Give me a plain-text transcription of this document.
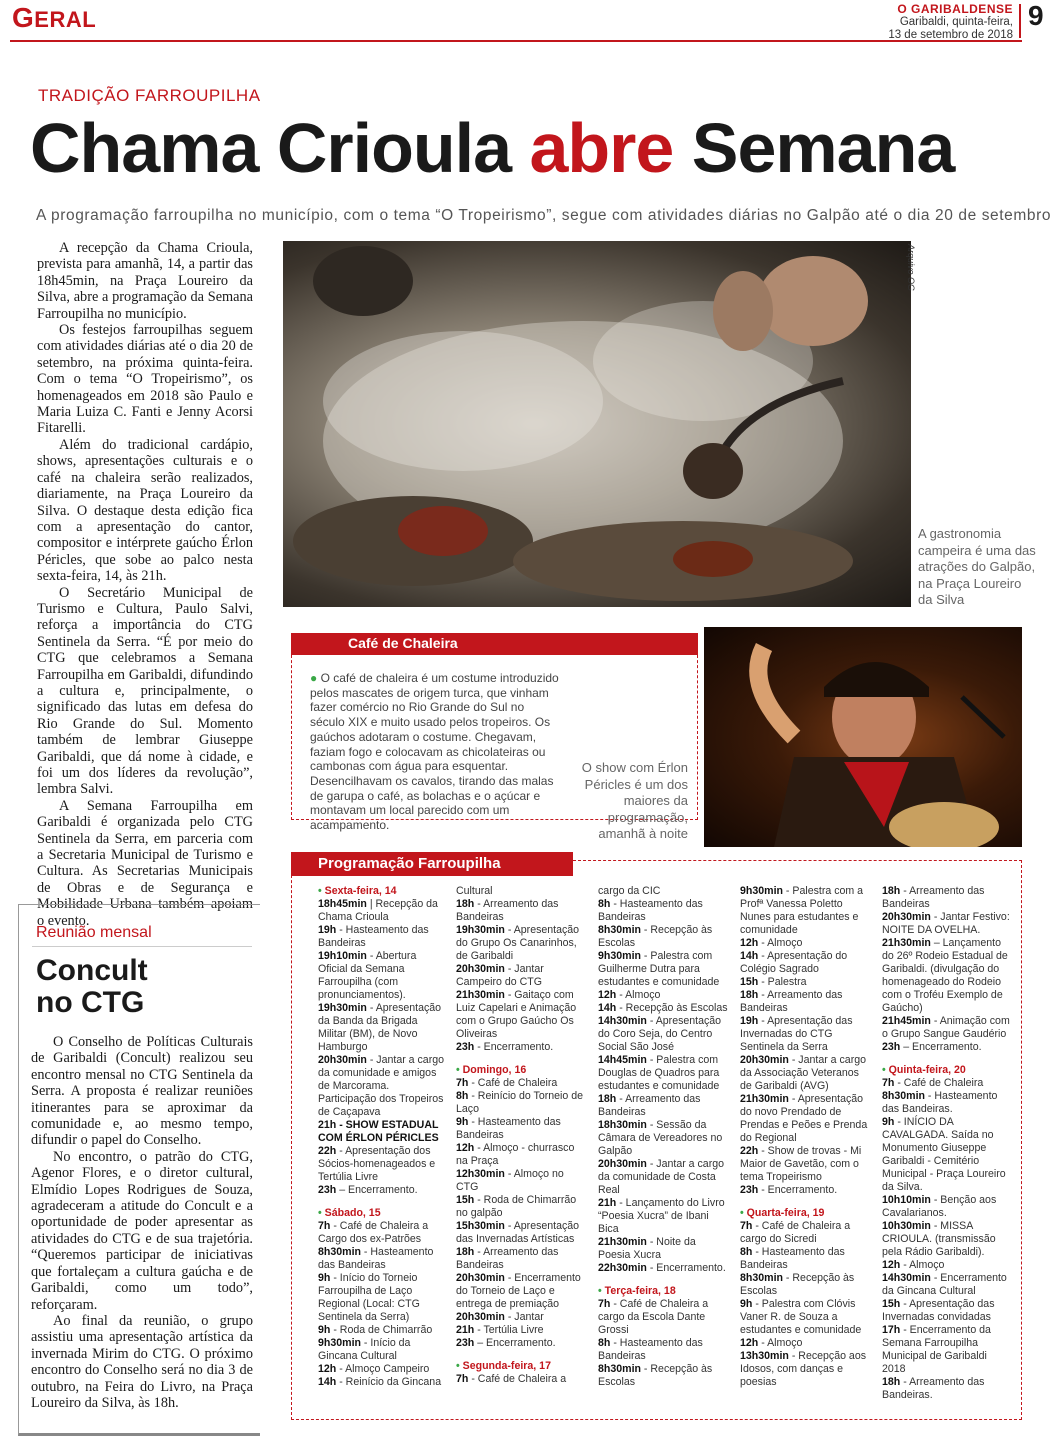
GERAL	O GARIBALDENSE
Garibaldi, quinta-feira,
13 de setembro de 2018
9
TRADIÇÃO FARROUPILHA
Chama Crioula abre Semana
A programação farroupilha no município, com o tema “O Tropeirismo”, segue com atividades diárias no Galpão até o dia 20 de setembro

A recepção da Chama Crioula, prevista para amanhã, 14, a partir das 18h45min, na Praça Loureiro da Silva, abre a programação da Semana Farroupilha no município.

Os festejos farroupilhas seguem com atividades diárias até o dia 20 de setembro, na próxima quinta-feira. Com o tema “O Tropeirismo”, os homenageados em 2018 são Paulo e Maria Luiza C. Fanti e Jenny Acorsi Fitarelli.

Além do tradicional cardápio, shows, apresentações culturais e o café na chaleira serão realizados, diariamente, na Praça Loureiro da Silva. O destaque desta edição fica com a apresentação do cantor, compositor e intérprete gaúcho Érlon Péricles, que sobe ao palco nesta sexta-feira, 14, às 21h.

O Secretário Municipal de Turismo e Cultura, Paulo Salvi, reforça a importância do CTG Sentinela da Serra. “É por meio do CTG que celebramos a Semana Farroupilha em Garibaldi, difundindo a cultura e, principalmente, o significado das lutas em defesa do Rio Grande do Sul. Momento também de lembrar Giuseppe Garibaldi, que dá nome à cidade, e foi um dos líderes da revolução”, lembra Salvi.

A Semana Farroupilha em Garibaldi é organizada pelo CTG Sentinela da Serra, em parceria com a Secretaria Municipal de Turismo e Cultura. As Secretarias Municipais de Obras e de Segurança e Mobilidade Urbana também apoiam o evento.

Arquivo OG
A gastronomia campeira é uma das atrações do Galpão, na Praça Loureiro da Silva
Café de Chaleira
● O café de chaleira é um costume introduzido pelos mascates de origem turca, que vinham fazer comércio no Rio Grande do Sul no século XIX e muito usado pelos tropeiros. Os gaúchos adotaram o costume. Chegavam, faziam fogo e colocavam as chicolateiras ou cambonas com água para esquentar. Desencilhavam os cavalos, tirando das malas de garupa o café, as bolachas e o açúcar e montavam um local parecido com um acampamento.
O show com Érlon Péricles é um dos maiores da programação, amanhã à noite
Programação Farroupilha
• Sexta-feira, 14
18h45min | Recepção da Chama Crioula
19h - Hasteamento das Bandeiras
19h10min - Abertura Oficial da Semana Farroupilha (com pronunciamentos).
19h30min - Apresentação da Banda da Brigada Militar (BM), de Novo Hamburgo
20h30min - Jantar a cargo da comunidade e amigos de Marcorama. Participação dos Tropeiros de Caçapava
21h - SHOW ESTADUAL COM ÉRLON PÉRICLES
22h - Apresentação dos Sócios-homenageados e Tertúlia Livre
23h – Encerramento.
• Sábado, 15
7h - Café de Chaleira a Cargo dos ex-Patrões
8h30min - Hasteamento das Bandeiras
9h - Início do Torneio Farroupilha de Laço Regional (Local: CTG Sentinela da Serra)
9h - Roda de Chimarrão
9h30min - Início da Gincana Cultural
12h - Almoço Campeiro
14h - Reinício da Gincana
Cultural
18h - Arreamento das Bandeiras
19h30min - Apresentação do Grupo Os Canarinhos, de Garibaldi
20h30min - Jantar Campeiro do CTG
21h30min - Gaitaço com Luiz Capelari e Animação com o Grupo Gaúcho Os Oliveiras
23h - Encerramento.
• Domingo, 16
7h - Café de Chaleira
8h - Reinício do Torneio de Laço
9h - Hasteamento das Bandeiras
12h - Almoço - churrasco na Praça
12h30min - Almoço no CTG
15h - Roda de Chimarrão no galpão
15h30min - Apresentação das Invernadas Artísticas
18h - Arreamento das Bandeiras
20h30min - Encerramento do Torneio de Laço e entrega de premiação
20h30min - Jantar
21h - Tertúlia Livre
23h – Encerramento.
• Segunda-feira, 17
7h - Café de Chaleira a
cargo da CIC
8h - Hasteamento das Bandeiras
8h30min - Recepção às Escolas
9h30min - Palestra com Guilherme Dutra para estudantes e comunidade
12h - Almoço
14h - Recepção às Escolas
14h30min - Apresentação do Coro Seja, do Centro Social São José
14h45min - Palestra com Douglas de Quadros para estudantes e comunidade
18h - Arreamento das Bandeiras
18h30min - Sessão da Câmara de Vereadores no Galpão
20h30min - Jantar a cargo da comunidade de Costa Real
21h - Lançamento do Livro “Poesia Xucra” de Ibani Bica
21h30min - Noite da Poesia Xucra
22h30min - Encerramento.
• Terça-feira, 18
7h - Café de Chaleira a cargo da Escola Dante Grossi
8h - Hasteamento das Bandeiras
8h30min - Recepção às Escolas
9h30min - Palestra com a Profª Vanessa Poletto Nunes para estudantes e comunidade
12h - Almoço
14h - Apresentação do Colégio Sagrado
15h - Palestra
18h - Arreamento das Bandeiras
19h - Apresentação das Invernadas do CTG Sentinela da Serra
20h30min - Jantar a cargo da Associação Veteranos de Garibaldi (AVG)
21h30min - Apresentação do novo Prendado de Prendas e Peões e Prenda do Regional
22h - Show de trovas - Mi Maior de Gavetão, com o tema Tropeirismo
23h - Encerramento.
• Quarta-feira, 19
7h - Café de Chaleira a cargo do Sicredi
8h - Hasteamento das Bandeiras
8h30min - Recepção às Escolas
9h - Palestra com Clóvis Vaner R. de Souza a estudantes e comunidade
12h - Almoço
13h30min - Recepção aos Idosos, com danças e poesias
18h - Arreamento das Bandeiras
20h30min - Jantar Festivo: NOITE DA OVELHA.
21h30min – Lançamento do 26º Rodeio Estadual de Garibaldi. (divulgação do homenageado do Rodeio com o Troféu Exemplo de Gaúcho)
21h45min - Animação com o Grupo Sangue Gaudério
23h – Encerramento.
• Quinta-feira, 20
7h - Café de Chaleira
8h30min - Hasteamento das Bandeiras.
9h - INÍCIO DA CAVALGADA. Saída no Monumento Giuseppe Garibaldi - Cemitério Municipal - Praça Loureiro da Silva.
10h10min - Benção aos Cavalarianos.
10h30min - MISSA CRIOULA. (transmissão pela Rádio Garibaldi).
12h - Almoço
14h30min - Encerramento da Gincana Cultural
15h - Apresentação das Invernadas convidadas
17h - Encerramento da Semana Farroupilha Municipal de Garibaldi 2018
18h - Arreamento das Bandeiras.
Reunião mensal
Concult
no CTG

O Conselho de Políticas Culturais de Garibaldi (Concult) realizou seu encontro mensal no CTG Sentinela da Serra. A proposta é realizar reuniões itinerantes para se aproximar da comunidade e, ao mesmo tempo, difundir o papel do Conselho.

No encontro, o patrão do CTG, Agenor Flores, e o diretor cultural, Elmídio Lopes Rodrigues de Souza, agradeceram a atitude do Concult e a oportunidade de poder apresentar as atividades do CTG e de sua trajetória. “Queremos participar de iniciativas que fortaleçam a cultura gaúcha e de Garibaldi, como um todo”, reforçaram.

Ao final da reunião, o grupo assistiu uma apresentação artística da invernada Mirim do CTG. O próximo encontro do Conselho será no dia 3 de outubro, na Feira do Livro, na Praça Loureiro da Silva, às 18h.
